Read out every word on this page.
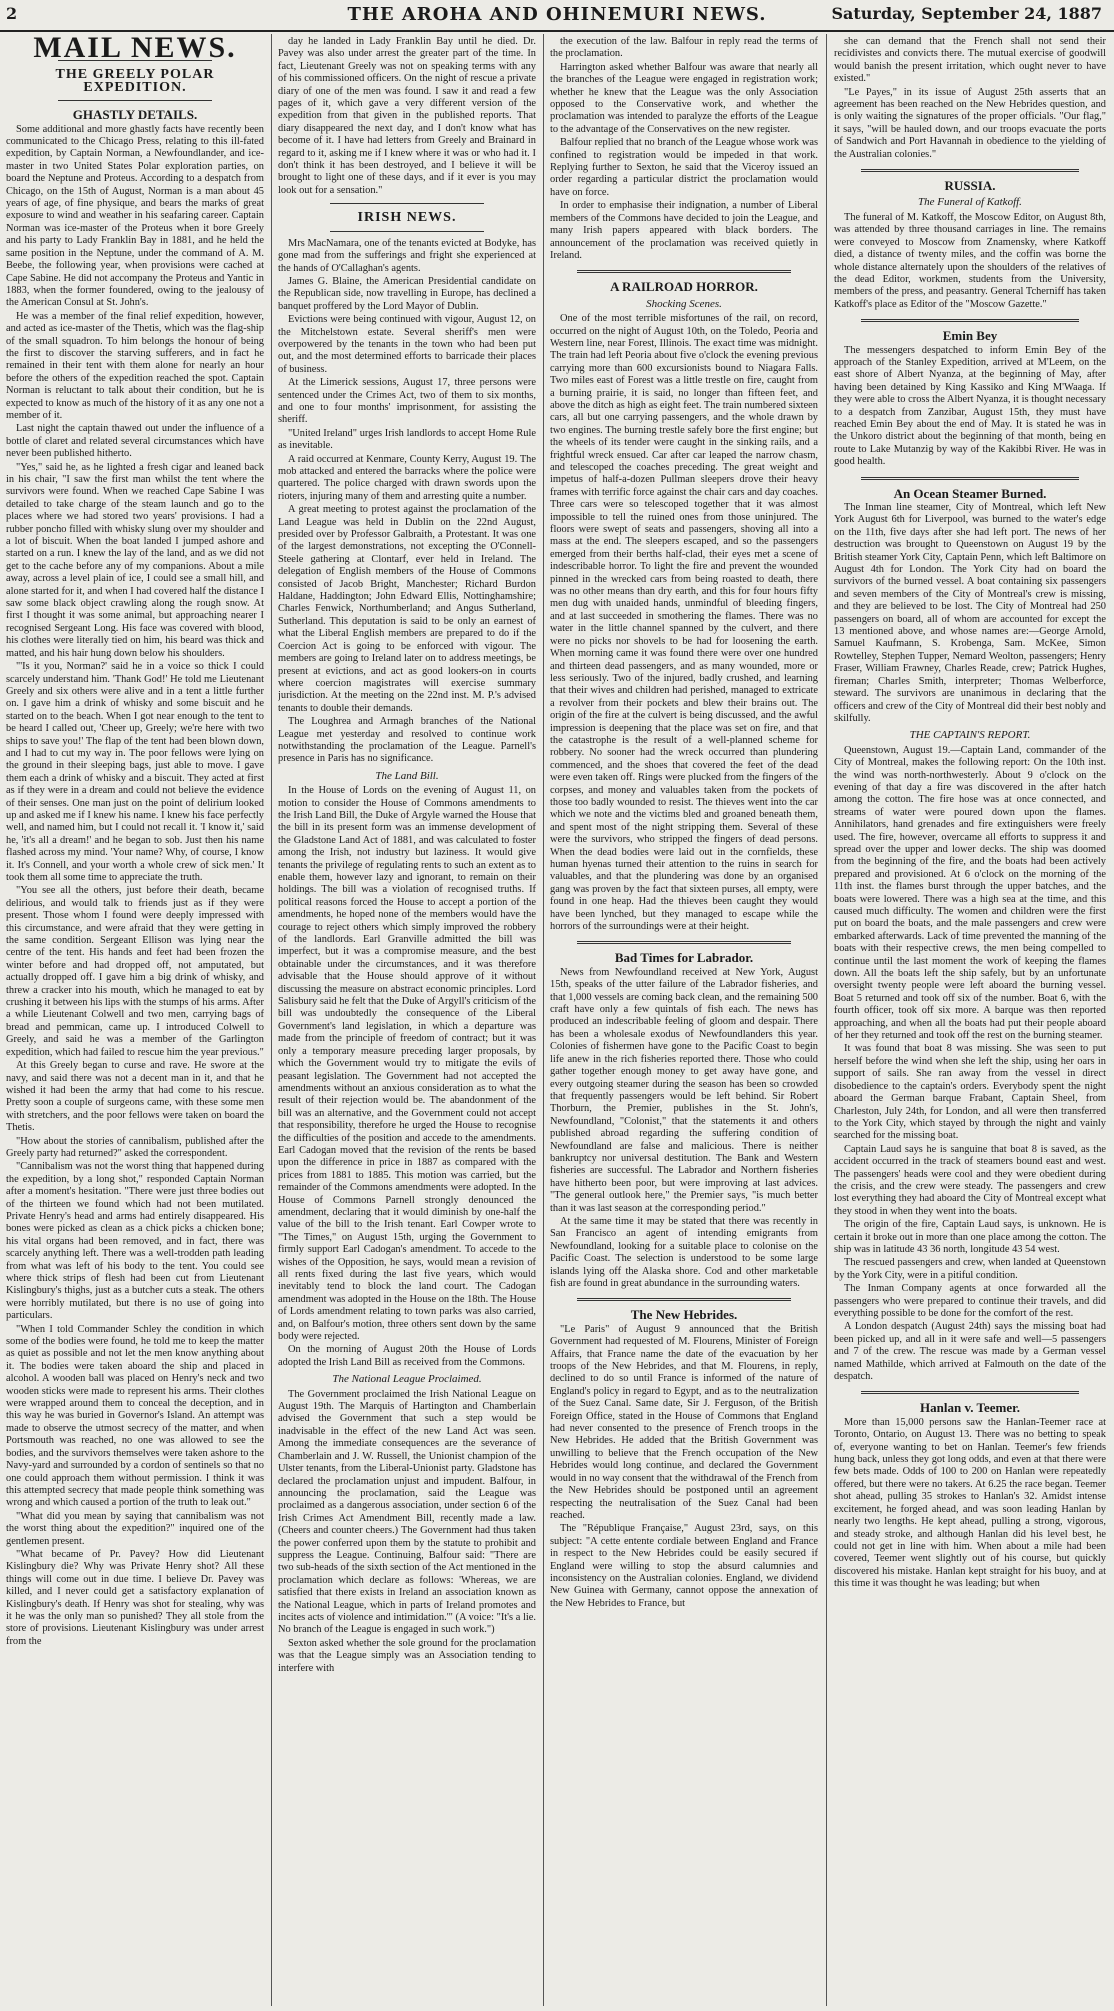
2	THE AROHA AND OHINEMURI NEWS.	Saturday, September 24, 1887
MAIL NEWS.
THE GREELY POLAR EXPEDITION.
GHASTLY DETAILS.

Some additional and more ghastly facts have recently been communicated to the Chicago Press, relating to this ill-fated expedition, by Captain Norman, a Newfoundlander, and ice-master in two United States Polar exploration parties, on board the Neptune and Proteus. According to a despatch from Chicago, on the 15th of August, Norman is a man about 45 years of age, of fine physique, and bears the marks of great exposure to wind and weather in his seafaring career. Captain Norman was ice-master of the Proteus when it bore Greely and his party to Lady Franklin Bay in 1881, and he held the same position in the Neptune, under the command of A. M. Beebe, the following year, when provisions were cached at Cape Sabine. He did not accompany the Proteus and Yantic in 1883, when the former foundered, owing to the jealousy of the American Consul at St. John's.

He was a member of the final relief expedition, however, and acted as ice-master of the Thetis, which was the flag-ship of the small squadron. To him belongs the honour of being the first to discover the starving sufferers, and in fact he remained in their tent with them alone for nearly an hour before the others of the expedition reached the spot. Captain Norman is reluctant to talk about their condition, but he is expected to know as much of the history of it as any one not a member of it.

Last night the captain thawed out under the influence of a bottle of claret and related several circumstances which have never been published hitherto.

"Yes," said he, as he lighted a fresh cigar and leaned back in his chair, "I saw the first man whilst the tent where the survivors were found. When we reached Cape Sabine I was detailed to take charge of the steam launch and go to the places where we had stored two years' provisions. I had a rubber poncho filled with whisky slung over my shoulder and a lot of biscuit. When the boat landed I jumped ashore and started on a run. I knew the lay of the land, and as we did not get to the cache before any of my companions. About a mile away, across a level plain of ice, I could see a small hill, and alone started for it, and when I had covered half the distance I saw some black object crawling along the rough snow. At first I thought it was some animal, but approaching nearer I recognised Sergeant Long. His face was covered with blood, his clothes were literally tied on him, his beard was thick and matted, and his hair hung down below his shoulders.

"'Is it you, Norman?' said he in a voice so thick I could scarcely understand him. 'Thank God!' He told me Lieutenant Greely and six others were alive and in a tent a little further on. I gave him a drink of whisky and some biscuit and he started on to the beach. When I got near enough to the tent to be heard I called out, 'Cheer up, Greely; we're here with two ships to save you!' The flap of the tent had been blown down, and I had to cut my way in. The poor fellows were lying on the ground in their sleeping bags, just able to move. I gave them each a drink of whisky and a biscuit. They acted at first as if they were in a dream and could not believe the evidence of their senses. One man just on the point of delirium looked up and asked me if I knew his name. I knew his face perfectly well, and named him, but I could not recall it. 'I know it,' said he, 'it's all a dream!' and he began to sob. Just then his name flashed across my mind. 'Your name? Why, of course, I know it. It's Connell, and your worth a whole crew of sick men.' It took them all some time to appreciate the truth.

"You see all the others, just before their death, became delirious, and would talk to friends just as if they were present. Those whom I found were deeply impressed with this circumstance, and were afraid that they were getting in the same condition. Sergeant Ellison was lying near the centre of the tent. His hands and feet had been frozen the winter before and had dropped off, not amputated, but actually dropped off. I gave him a big drink of whisky, and threw a cracker into his mouth, which he managed to eat by crushing it between his lips with the stumps of his arms. After a while Lieutenant Colwell and two men, carrying bags of bread and pemmican, came up. I introduced Colwell to Greely, and said he was a member of the Garlington expedition, which had failed to rescue him the year previous."

At this Greely began to curse and rave. He swore at the navy, and said there was not a decent man in it, and that he wished it had been the army that had come to his rescue. Pretty soon a couple of surgeons came, with these some men with stretchers, and the poor fellows were taken on board the Thetis.

"How about the stories of cannibalism, published after the Greely party had returned?" asked the correspondent.

"Cannibalism was not the worst thing that happened during the expedition, by a long shot," responded Captain Norman after a moment's hesitation. "There were just three bodies out of the thirteen we found which had not been mutilated. Private Henry's head and arms had entirely disappeared. His bones were picked as clean as a chick picks a chicken bone; his vital organs had been removed, and in fact, there was scarcely anything left. There was a well-trodden path leading from what was left of his body to the tent. You could see where thick strips of flesh had been cut from Lieutenant Kislingbury's thighs, just as a butcher cuts a steak. The others were horribly mutilated, but there is no use of going into particulars.

"When I told Commander Schley the condition in which some of the bodies were found, he told me to keep the matter as quiet as possible and not let the men know anything about it. The bodies were taken aboard the ship and placed in alcohol. A wooden ball was placed on Henry's neck and two wooden sticks were made to represent his arms. Their clothes were wrapped around them to conceal the deception, and in this way he was buried in Governor's Island. An attempt was made to observe the utmost secrecy of the matter, and when Portsmouth was reached, no one was allowed to see the bodies, and the survivors themselves were taken ashore to the Navy-yard and surrounded by a cordon of sentinels so that no one could approach them without permission. I think it was this attempted secrecy that made people think something was wrong and which caused a portion of the truth to leak out."

"What did you mean by saying that cannibalism was not the worst thing about the expedition?" inquired one of the gentlemen present.

"What became of Pr. Pavey? How did Lieutenant Kislingbury die? Why was Private Henry shot? All these things will come out in due time. I believe Dr. Pavey was killed, and I never could get a satisfactory explanation of Kislingbury's death. If Henry was shot for stealing, why was it he was the only man so punished? They all stole from the store of provisions. Lieutenant Kislingbury was under arrest from the

day he landed in Lady Franklin Bay until he died. Dr. Pavey was also under arrest the greater part of the time. In fact, Lieutenant Greely was not on speaking terms with any of his commissioned officers. On the night of rescue a private diary of one of the men was found. I saw it and read a few pages of it, which gave a very different version of the expedition from that given in the published reports. That diary disappeared the next day, and I don't know what has become of it. I have had letters from Greely and Brainard in regard to it, asking me if I knew where it was or who had it. I don't think it has been destroyed, and I believe it will be brought to light one of these days, and if it ever is you may look out for a sensation."

IRISH NEWS.

Mrs MacNamara, one of the tenants evicted at Bodyke, has gone mad from the sufferings and fright she experienced at the hands of O'Callaghan's agents.

James G. Blaine, the American Presidential candidate on the Republican side, now travelling in Europe, has declined a banquet proffered by the Lord Mayor of Dublin.

Evictions were being continued with vigour, August 12, on the Mitchelstown estate. Several sheriff's men were overpowered by the tenants in the town who had been put out, and the most determined efforts to barricade their places of business.

At the Limerick sessions, August 17, three persons were sentenced under the Crimes Act, two of them to six months, and one to four months' imprisonment, for assisting the sheriff.

"United Ireland" urges Irish landlords to accept Home Rule as inevitable.

A raid occurred at Kenmare, County Kerry, August 19. The mob attacked and entered the barracks where the police were quartered. The police charged with drawn swords upon the rioters, injuring many of them and arresting quite a number.

A great meeting to protest against the proclamation of the Land League was held in Dublin on the 22nd August, presided over by Professor Galbraith, a Protestant. It was one of the largest demonstrations, not excepting the O'Connell-Steele gathering at Clontarf, ever held in Ireland. The delegation of English members of the House of Commons consisted of Jacob Bright, Manchester; Richard Burdon Haldane, Haddington; John Edward Ellis, Nottinghamshire; Charles Fenwick, Northumberland; and Angus Sutherland, Sutherland. This deputation is said to be only an earnest of what the Liberal English members are prepared to do if the Coercion Act is going to be enforced with vigour. The members are going to Ireland later on to address meetings, be present at evictions, and act as good lookers-on in courts where coercion magistrates will exercise summary jurisdiction. At the meeting on the 22nd inst. M. P.'s advised tenants to double their demands.

The Loughrea and Armagh branches of the National League met yesterday and resolved to continue work notwithstanding the proclamation of the League. Parnell's presence in Paris has no significance.

The Land Bill.

In the House of Lords on the evening of August 11, on motion to consider the House of Commons amendments to the Irish Land Bill, the Duke of Argyle warned the House that the bill in its present form was an immense development of the Gladstone Land Act of 1881, and was calculated to foster among the Irish, not industry but laziness. It would give tenants the privilege of regulating rents to such an extent as to enable them, however lazy and ignorant, to remain on their holdings. The bill was a violation of recognised truths. If political reasons forced the House to accept a portion of the amendments, he hoped none of the members would have the courage to reject others which simply improved the robbery of the landlords. Earl Granville admitted the bill was imperfect, but it was a compromise measure, and the best obtainable under the circumstances, and it was therefore advisable that the House should approve of it without discussing the measure on abstract economic principles. Lord Salisbury said he felt that the Duke of Argyll's criticism of the bill was undoubtedly the consequence of the Liberal Government's land legislation, in which a departure was made from the principle of freedom of contract; but it was only a temporary measure preceding larger proposals, by which the Government would try to mitigate the evils of peasant legislation. The Government had not accepted the amendments without an anxious consideration as to what the result of their rejection would be. The abandonment of the bill was an alternative, and the Government could not accept that responsibility, therefore he urged the House to recognise the difficulties of the position and accede to the amendments. Earl Cadogan moved that the revision of the rents be based upon the difference in price in 1887 as compared with the prices from 1881 to 1885. This motion was carried, but the remainder of the Commons amendments were adopted. In the House of Commons Parnell strongly denounced the amendment, declaring that it would diminish by one-half the value of the bill to the Irish tenant. Earl Cowper wrote to "The Times," on August 15th, urging the Government to firmly support Earl Cadogan's amendment. To accede to the wishes of the Opposition, he says, would mean a revision of all rents fixed during the last five years, which would inevitably tend to block the land court. The Cadogan amendment was adopted in the House on the 18th. The House of Lords amendment relating to town parks was also carried, and, on Balfour's motion, three others sent down by the same body were rejected.

On the morning of August 20th the House of Lords adopted the Irish Land Bill as received from the Commons.

The National League Proclaimed.

The Government proclaimed the Irish National League on August 19th. The Marquis of Hartington and Chamberlain advised the Government that such a step would be inadvisable in the effect of the new Land Act was seen. Among the immediate consequences are the severance of Chamberlain and J. W. Russell, the Unionist champion of the Ulster tenants, from the Liberal-Unionist party. Gladstone has declared the proclamation unjust and impudent. Balfour, in announcing the proclamation, said the League was proclaimed as a dangerous association, under section 6 of the Irish Crimes Act Amendment Bill, recently made a law. (Cheers and counter cheers.) The Government had thus taken the power conferred upon them by the statute to prohibit and suppress the League. Continuing, Balfour said: "There are two sub-heads of the sixth section of the Act mentioned in the proclamation which declare as follows: 'Whereas, we are satisfied that there exists in Ireland an association known as the National League, which in parts of Ireland promotes and incites acts of violence and intimidation.'" (A voice: "It's a lie. No branch of the League is engaged in such work.")

Sexton asked whether the sole ground for the proclamation was that the League simply was an Association tending to interfere with

the execution of the law. Balfour in reply read the terms of the proclamation.

Harrington asked whether Balfour was aware that nearly all the branches of the League were engaged in registration work; whether he knew that the League was the only Association opposed to the Conservative work, and whether the proclamation was intended to paralyze the efforts of the League to the advantage of the Conservatives on the new register.

Balfour replied that no branch of the League whose work was confined to registration would be impeded in that work. Replying further to Sexton, he said that the Viceroy issued an order regarding a particular district the proclamation would have on force.

In order to emphasise their indignation, a number of Liberal members of the Commons have decided to join the League, and many Irish papers appeared with black borders. The announcement of the proclamation was received quietly in Ireland.

A RAILROAD HORROR.
Shocking Scenes.

One of the most terrible misfortunes of the rail, on record, occurred on the night of August 10th, on the Toledo, Peoria and Western line, near Forest, Illinois. The exact time was midnight. The train had left Peoria about five o'clock the evening previous carrying more than 600 excursionists bound to Niagara Falls. Two miles east of Forest was a little trestle on fire, caught from a burning prairie, it is said, no longer than fifteen feet, and above the ditch as high as eight feet. The train numbered sixteen cars, all but one carrying passengers, and the whole drawn by two engines. The burning trestle safely bore the first engine; but the wheels of its tender were caught in the sinking rails, and a frightful wreck ensued. Car after car leaped the narrow chasm, and telescoped the coaches preceding. The great weight and impetus of half-a-dozen Pullman sleepers drove their heavy frames with terrific force against the chair cars and day coaches. Three cars were so telescoped together that it was almost impossible to tell the ruined ones from those uninjured. The floors were swept of seats and passengers, shoving all into a mass at the end. The sleepers escaped, and so the passengers emerged from their berths half-clad, their eyes met a scene of indescribable horror. To light the fire and prevent the wounded pinned in the wrecked cars from being roasted to death, there was no other means than dry earth, and this for four hours fifty men dug with unaided hands, unmindful of bleeding fingers, and at last succeeded in smothering the flames. There was no water in the little channel spanned by the culvert, and there were no picks nor shovels to be had for loosening the earth. When morning came it was found there were over one hundred and thirteen dead passengers, and as many wounded, more or less seriously. Two of the injured, badly crushed, and learning that their wives and children had perished, managed to extricate a revolver from their pockets and blew their brains out. The origin of the fire at the culvert is being discussed, and the awful impression is deepening that the place was set on fire, and that the catastrophe is the result of a well-planned scheme for robbery. No sooner had the wreck occurred than plundering commenced, and the shoes that covered the feet of the dead were even taken off. Rings were plucked from the fingers of the corpses, and money and valuables taken from the pockets of those too badly wounded to resist. The thieves went into the car which we note and the victims bled and groaned beneath them, and spent most of the night stripping them. Several of these were the survivors, who stripped the fingers of dead persons. When the dead bodies were laid out in the cornfields, these human hyenas turned their attention to the ruins in search for valuables, and that the plundering was done by an organised gang was proven by the fact that sixteen purses, all empty, were found in one heap. Had the thieves been caught they would have been lynched, but they managed to escape while the horrors of the surroundings were at their height.

Bad Times for Labrador.

News from Newfoundland received at New York, August 15th, speaks of the utter failure of the Labrador fisheries, and that 1,000 vessels are coming back clean, and the remaining 500 craft have only a few quintals of fish each. The news has produced an indescribable feeling of gloom and despair. There has been a wholesale exodus of Newfoundlanders this year. Colonies of fishermen have gone to the Pacific Coast to begin life anew in the rich fisheries reported there. Those who could gather together enough money to get away have gone, and every outgoing steamer during the season has been so crowded that frequently passengers would be left behind. Sir Robert Thorburn, the Premier, publishes in the St. John's, Newfoundland, "Colonist," that the statements it and others published abroad regarding the suffering condition of Newfoundland are false and malicious. There is neither bankruptcy nor universal destitution. The Bank and Western fisheries are successful. The Labrador and Northern fisheries have hitherto been poor, but were improving at last advices. "The general outlook here," the Premier says, "is much better than it was last season at the corresponding period."

At the same time it may be stated that there was recently in San Francisco an agent of intending emigrants from Newfoundland, looking for a suitable place to colonise on the Pacific Coast. The selection is understood to be some large islands lying off the Alaska shore. Cod and other marketable fish are found in great abundance in the surrounding waters.

The New Hebrides.

"Le Paris" of August 9 announced that the British Government had requested of M. Flourens, Minister of Foreign Affairs, that France name the date of the evacuation by her troops of the New Hebrides, and that M. Flourens, in reply, declined to do so until France is informed of the nature of England's policy in regard to Egypt, and as to the neutralization of the Suez Canal. Same date, Sir J. Ferguson, of the British Foreign Office, stated in the House of Commons that England had never consented to the presence of French troops in the New Hebrides. He added that the British Government was unwilling to believe that the French occupation of the New Hebrides would long continue, and declared the Government would in no way consent that the withdrawal of the French from the New Hebrides should be postponed until an agreement respecting the neutralisation of the Suez Canal had been reached.

The "République Française," August 23rd, says, on this subject: "A cette entente cordiale between England and France in respect to the New Hebrides could be easily secured if England were willing to stop the absurd calumnies and inconsistency on the Australian colonies. England, we dividend New Guinea with Germany, cannot oppose the annexation of the New Hebrides to France, but

she can demand that the French shall not send their recidivistes and convicts there. The mutual exercise of goodwill would banish the present irritation, which ought never to have existed."

"Le Payes," in its issue of August 25th asserts that an agreement has been reached on the New Hebrides question, and is only waiting the signatures of the proper officials. "Our flag," it says, "will be hauled down, and our troops evacuate the ports of Sandwich and Port Havannah in obedience to the yielding of the Australian colonies."

RUSSIA.
The Funeral of Katkoff.

The funeral of M. Katkoff, the Moscow Editor, on August 8th, was attended by three thousand carriages in line. The remains were conveyed to Moscow from Znamensky, where Katkoff died, a distance of twenty miles, and the coffin was borne the whole distance alternately upon the shoulders of the relatives of the dead Editor, workmen, students from the University, members of the press, and peasantry. General Tcherniff has taken Katkoff's place as Editor of the "Moscow Gazette."

Emin Bey

The messengers despatched to inform Emin Bey of the approach of the Stanley Expedition, arrived at M'Leem, on the east shore of Albert Nyanza, at the beginning of May, after having been detained by King Kassiko and King M'Waaga. If they were able to cross the Albert Nyanza, it is thought necessary to a despatch from Zanzibar, August 15th, they must have reached Emin Bey about the end of May. It is stated he was in the Unkoro district about the beginning of that month, being en route to Lake Mutanzig by way of the Kakibbi River. He was in good health.

An Ocean Steamer Burned.

The Inman line steamer, City of Montreal, which left New York August 6th for Liverpool, was burned to the water's edge on the 11th, five days after she had left port. The news of her destruction was brought to Queenstown on August 19 by the British steamer York City, Captain Penn, which left Baltimore on August 4th for London. The York City had on board the survivors of the burned vessel. A boat containing six passengers and seven members of the City of Montreal's crew is missing, and they are believed to be lost. The City of Montreal had 250 passengers on board, all of whom are accounted for except the 13 mentioned above, and whose names are:—George Arnold, Samuel Kaufmann, S. Krobenga, Sam. McKee, Simon Rowtelley, Stephen Tupper, Nemard Weolton, passengers; Henry Fraser, William Frawney, Charles Reade, crew; Patrick Hughes, fireman; Charles Smith, interpreter; Thomas Welberforce, steward. The survivors are unanimous in declaring that the officers and crew of the City of Montreal did their best nobly and skilfully.

THE CAPTAIN'S REPORT.

Queenstown, August 19.—Captain Land, commander of the City of Montreal, makes the following report: On the 10th inst. the wind was north-northwesterly. About 9 o'clock on the evening of that day a fire was discovered in the after hatch among the cotton. The fire hose was at once connected, and streams of water were poured down upon the flames. Annihilators, hand grenades and fire extinguishers were freely used. The fire, however, overcame all efforts to suppress it and spread over the upper and lower decks. The ship was doomed from the beginning of the fire, and the boats had been actively prepared and provisioned. At 6 o'clock on the morning of the 11th inst. the flames burst through the upper batches, and the boats were lowered. There was a high sea at the time, and this caused much difficulty. The women and children were the first put on board the boats, and the male passengers and crew were embarked afterwards. Lack of time prevented the manning of the boats with their respective crews, the men being compelled to continue until the last moment the work of keeping the flames down. All the boats left the ship safely, but by an unfortunate oversight twenty people were left aboard the burning vessel. Boat 5 returned and took off six of the number. Boat 6, with the fourth officer, took off six more. A barque was then reported approaching, and when all the boats had put their people aboard of her they returned and took off the rest on the burning steamer.

It was found that boat 8 was missing. She was seen to put herself before the wind when she left the ship, using her oars in support of sails. She ran away from the vessel in direct disobedience to the captain's orders. Everybody spent the night aboard the German barque Frabant, Captain Sheel, from Charleston, July 24th, for London, and all were then transferred to the York City, which stayed by through the night and vainly searched for the missing boat.

Captain Laud says he is sanguine that boat 8 is saved, as the accident occurred in the track of steamers bound east and west. The passengers' heads were cool and they were obedient during the crisis, and the crew were steady. The passengers and crew lost everything they had aboard the City of Montreal except what they stood in when they went into the boats.

The origin of the fire, Captain Laud says, is unknown. He is certain it broke out in more than one place among the cotton. The ship was in latitude 43 36 north, longitude 43 54 west.

The rescued passengers and crew, when landed at Queenstown by the York City, were in a pitiful condition.

The Inman Company agents at once forwarded all the passengers who were prepared to continue their travels, and did everything possible to be done for the comfort of the rest.

A London despatch (August 24th) says the missing boat had been picked up, and all in it were safe and well—5 passengers and 7 of the crew. The rescue was made by a German vessel named Mathilde, which arrived at Falmouth on the date of the despatch.

Hanlan v. Teemer.

More than 15,000 persons saw the Hanlan-Teemer race at Toronto, Ontario, on August 13. There was no betting to speak of, everyone wanting to bet on Hanlan. Teemer's few friends hung back, unless they got long odds, and even at that there were few bets made. Odds of 100 to 200 on Hanlan were repeatedly offered, but there were no takers. At 6.25 the race began. Teemer shot ahead, pulling 35 strokes to Hanlan's 32. Amidst intense excitement, he forged ahead, and was soon leading Hanlan by nearly two lengths. He kept ahead, pulling a strong, vigorous, and steady stroke, and although Hanlan did his level best, he could not get in line with him. When about a mile had been covered, Teemer went slightly out of his course, but quickly discovered his mistake. Hanlan kept straight for his buoy, and at this time it was thought he was leading; but when
